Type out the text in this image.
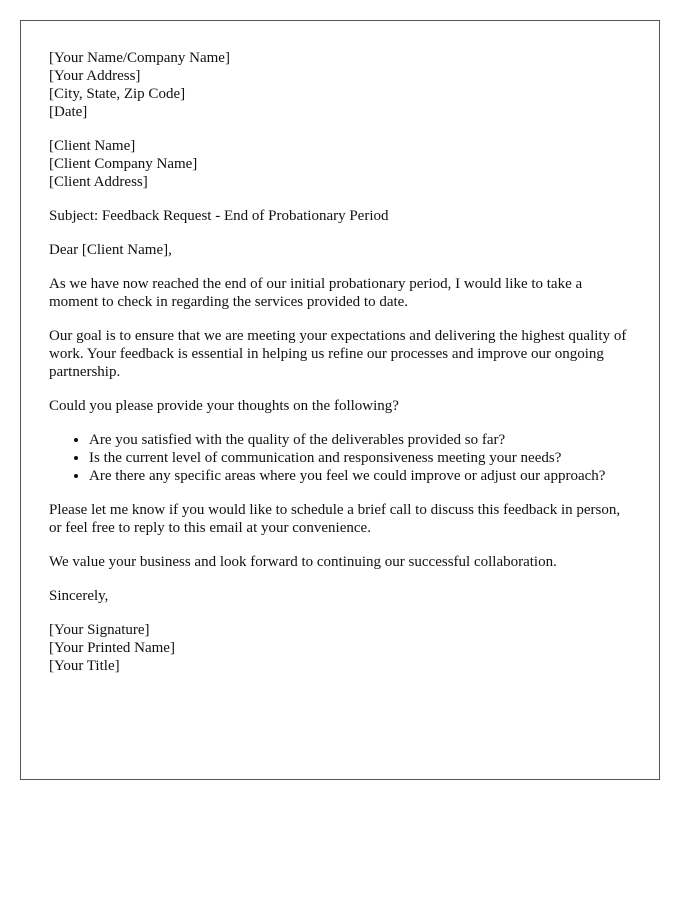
[Your Name/Company Name]

[Your Address]

[City, State, Zip Code]

[Date]

[Client Name]

[Client Company Name]

[Client Address]

Subject: Feedback Request - End of Probationary Period

Dear [Client Name],

As we have now reached the end of our initial probationary period, I would like to take a moment to check in regarding the services provided to date.

Our goal is to ensure that we are meeting your expectations and delivering the highest quality of work. Your feedback is essential in helping us refine our processes and improve our ongoing partnership.

Could you please provide your thoughts on the following?

• Are you satisfied with the quality of the deliverables provided so far?
• Is the current level of communication and responsiveness meeting your needs?
• Are there any specific areas where you feel we could improve or adjust our approach?

Please let me know if you would like to schedule a brief call to discuss this feedback in person, or feel free to reply to this email at your convenience.

We value your business and look forward to continuing our successful collaboration.

Sincerely,

[Your Signature]

[Your Printed Name]

[Your Title]
